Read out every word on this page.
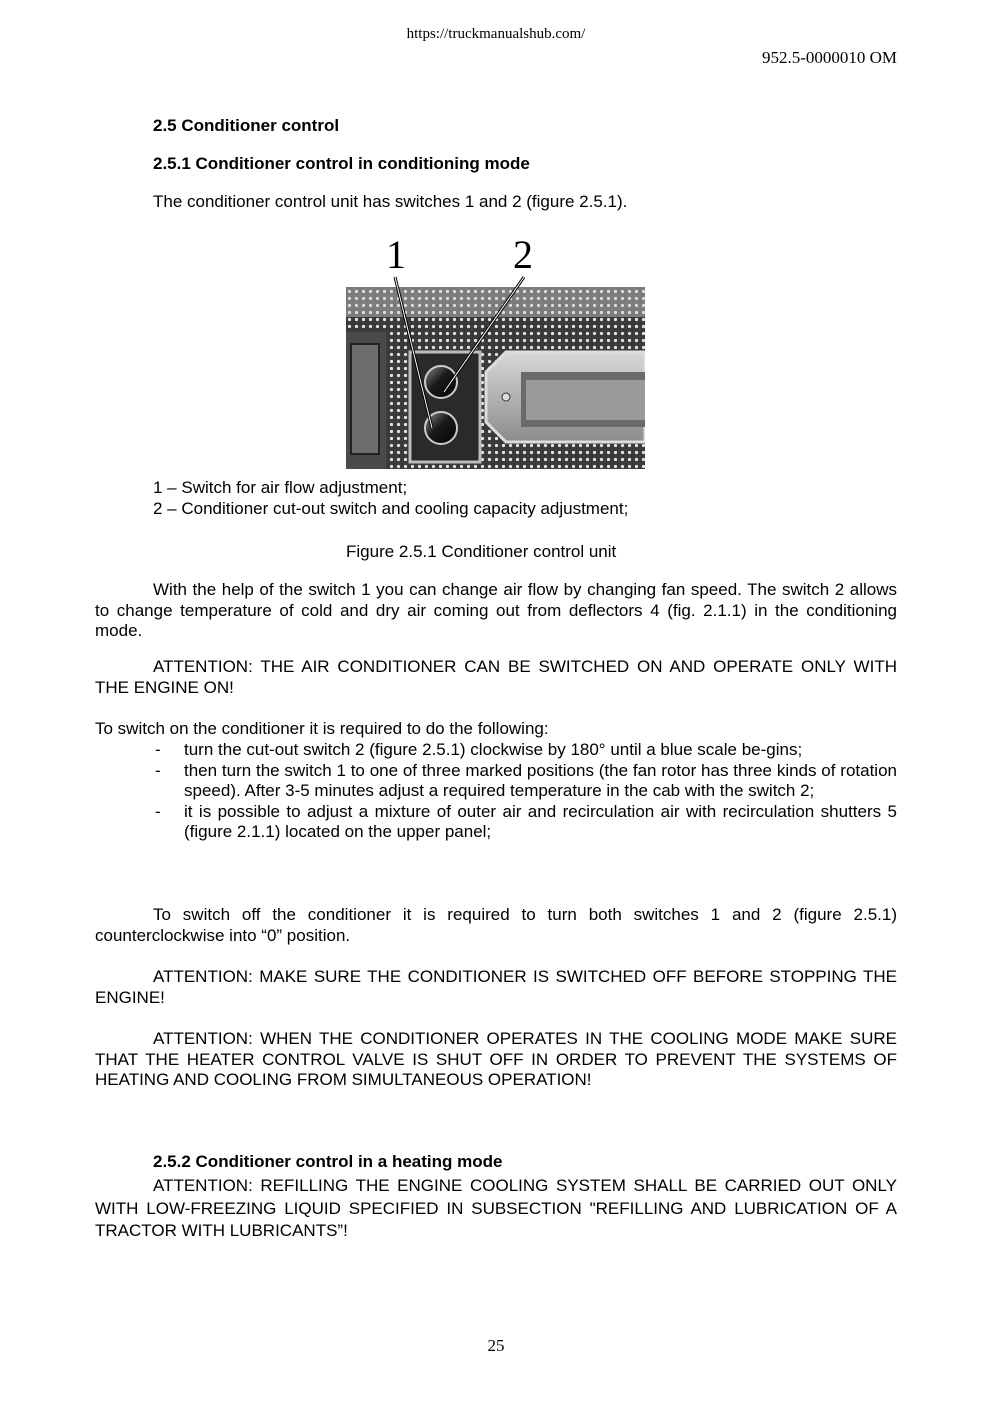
https://truckmanualshub.com/
952.5-0000010 OM
2.5 Conditioner control
2.5.1 Conditioner control in conditioning mode
The conditioner control unit has switches 1 and 2 (figure 2.5.1).
1	2
1 – Switch for air flow adjustment;
2 – Conditioner cut-out switch and cooling capacity adjustment;
Figure 2.5.1 Conditioner control unit
With the help of the switch 1 you can change air flow by changing fan speed. The switch 2 allows to change temperature of cold and dry air coming out from deflectors 4 (fig. 2.1.1) in the conditioning mode.
ATTENTION: THE AIR CONDITIONER CAN BE SWITCHED ON AND OPERATE ONLY WITH THE ENGINE ON!
To switch on the conditioner it is required to do the following:
- turn the cut-out switch 2 (figure 2.5.1) clockwise by 180° until a blue scale be-gins;
- then turn the switch 1 to one of three marked positions (the fan rotor has three kinds of rotation speed). After 3-5 minutes adjust a required temperature in the cab with the switch 2;
- it is possible to adjust a mixture of outer air and recirculation air with recirculation shutters 5 (figure 2.1.1) located on the upper panel;
To switch off the conditioner it is required to turn both switches 1 and 2 (figure 2.5.1) counterclockwise into “0” position.
ATTENTION: MAKE SURE THE CONDITIONER IS SWITCHED OFF BEFORE STOPPING THE ENGINE!
ATTENTION: WHEN THE CONDITIONER OPERATES IN THE COOLING MODE MAKE SURE THAT THE HEATER CONTROL VALVE IS SHUT OFF IN ORDER TO PREVENT THE SYSTEMS OF HEATING AND COOLING FROM SIMULTANEOUS OPERATION!
2.5.2 Conditioner control in a heating mode
ATTENTION: REFILLING THE ENGINE COOLING SYSTEM SHALL BE CARRIED OUT ONLY WITH LOW-FREEZING LIQUID SPECIFIED IN SUBSECTION "REFILLING AND LUBRICATION OF A TRACTOR WITH LUBRICANTS”!
25
